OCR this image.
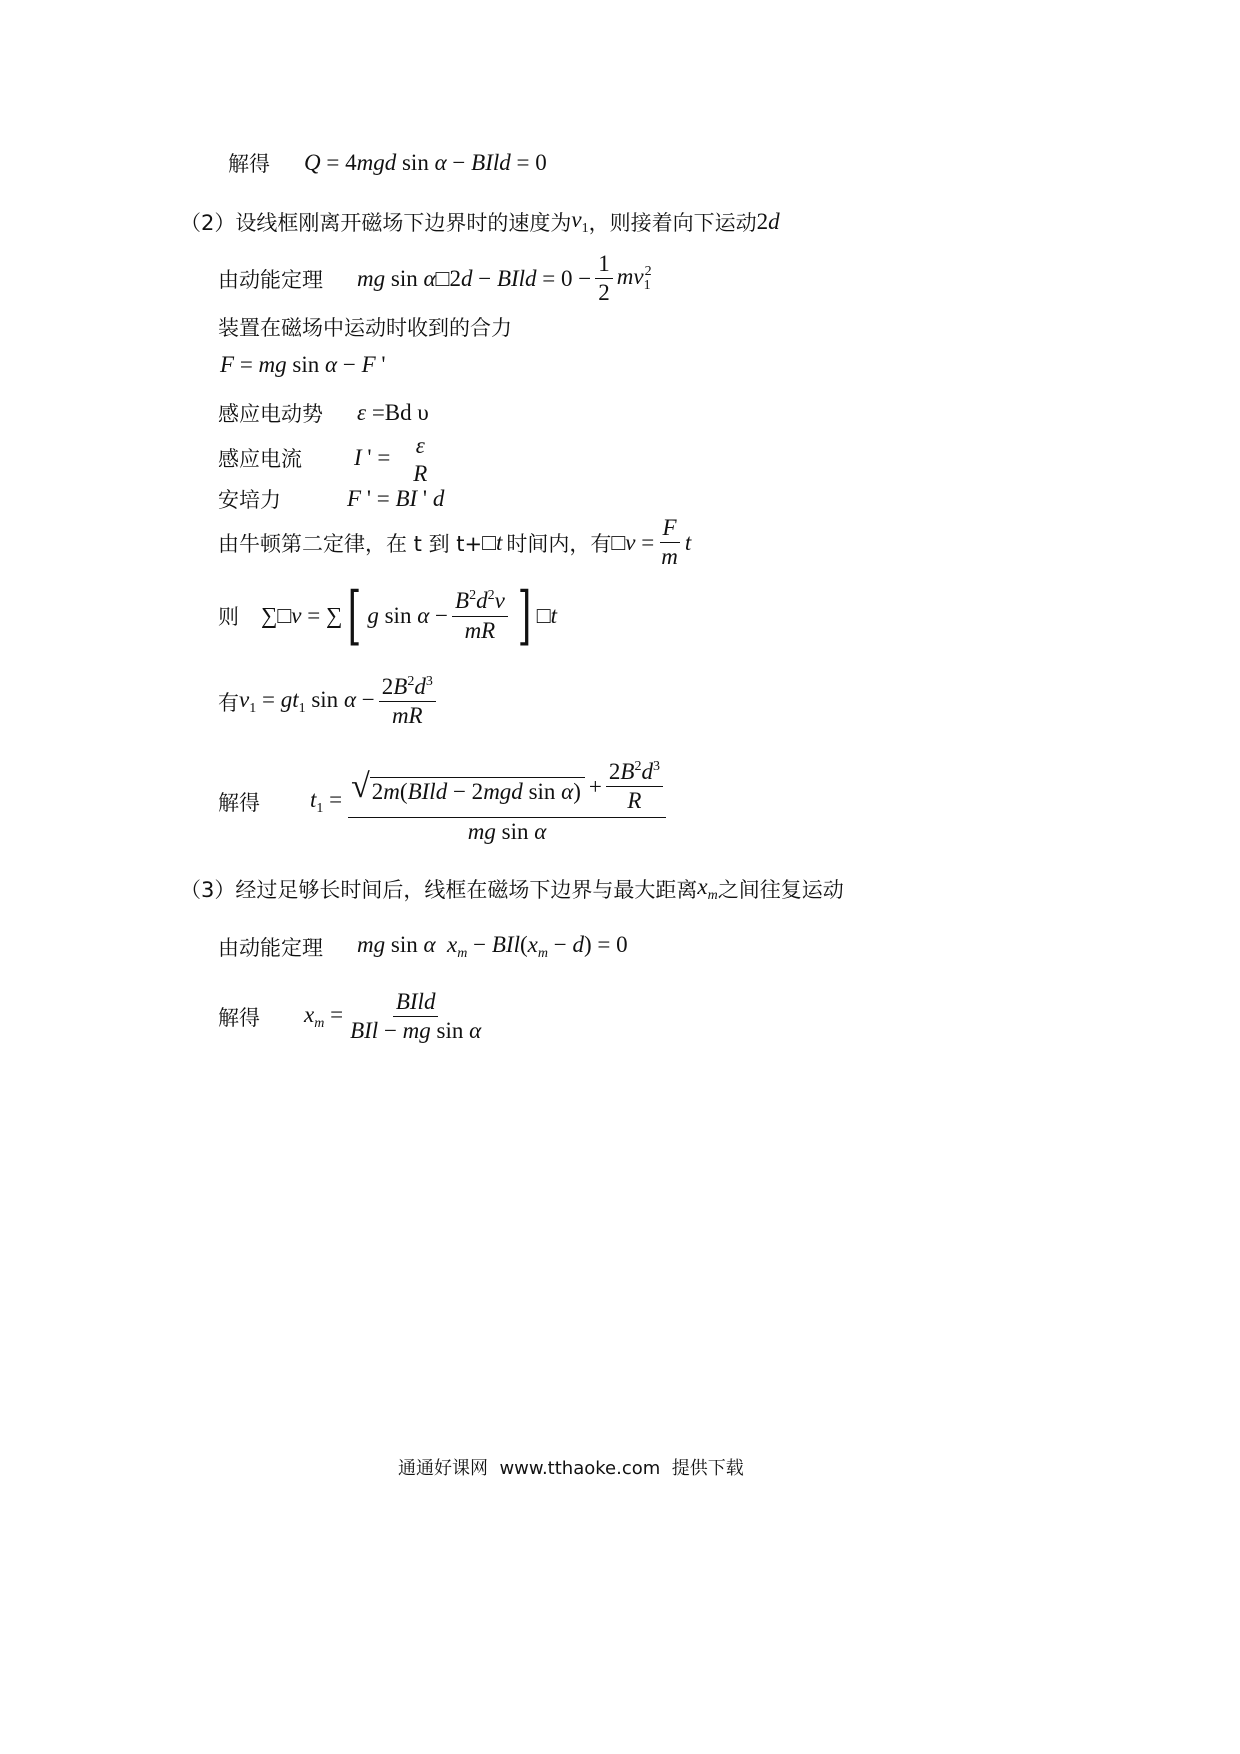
解得 Q = 4mgd sin α − BIld = 0
（2）设线框刚离开磁场下边界时的速度为 $v_1$ ，则接着向下运动 2d
由动能定理 mg sin α□2d − BIld = $0 - \frac{1}{2} mv_1^2$
装置在磁场中运动时收到的合力
F = mg sin α − F '
感应电动势 ε =Bd υ
感应电流 I ' = ε
R
安培力	F ' = BI ' d
由牛顿第二定律，在 t 到 t+ □t 时间内，有 □v = $\frac{F}{m}$ t
则 ∑□v = ∑ [ g $\sin \alpha - \frac{B^2d^2v}{mR}$ ] □t
有 $v_1 = gt_1$ $\sin \alpha - \frac{2B^2d^3}{mR}$
解得 $t_1 = \frac{√ 2m(BIld - 2mgd \sin \alpha) + \frac{2B^2d^3}{R}}{\text{mg sin α}}$
（3）经过足够长时间后，线框在磁场下边界与最大距离 $x_m$ 之间往复运动
由动能定理 mg sin α  $x_m - BIl(x_m - d) = 0$
解得 $x_m = \frac{\text{BIld}}{\text{BIl − mg sin α}}$
通通好课网  www.tthaoke.com  提供下载
